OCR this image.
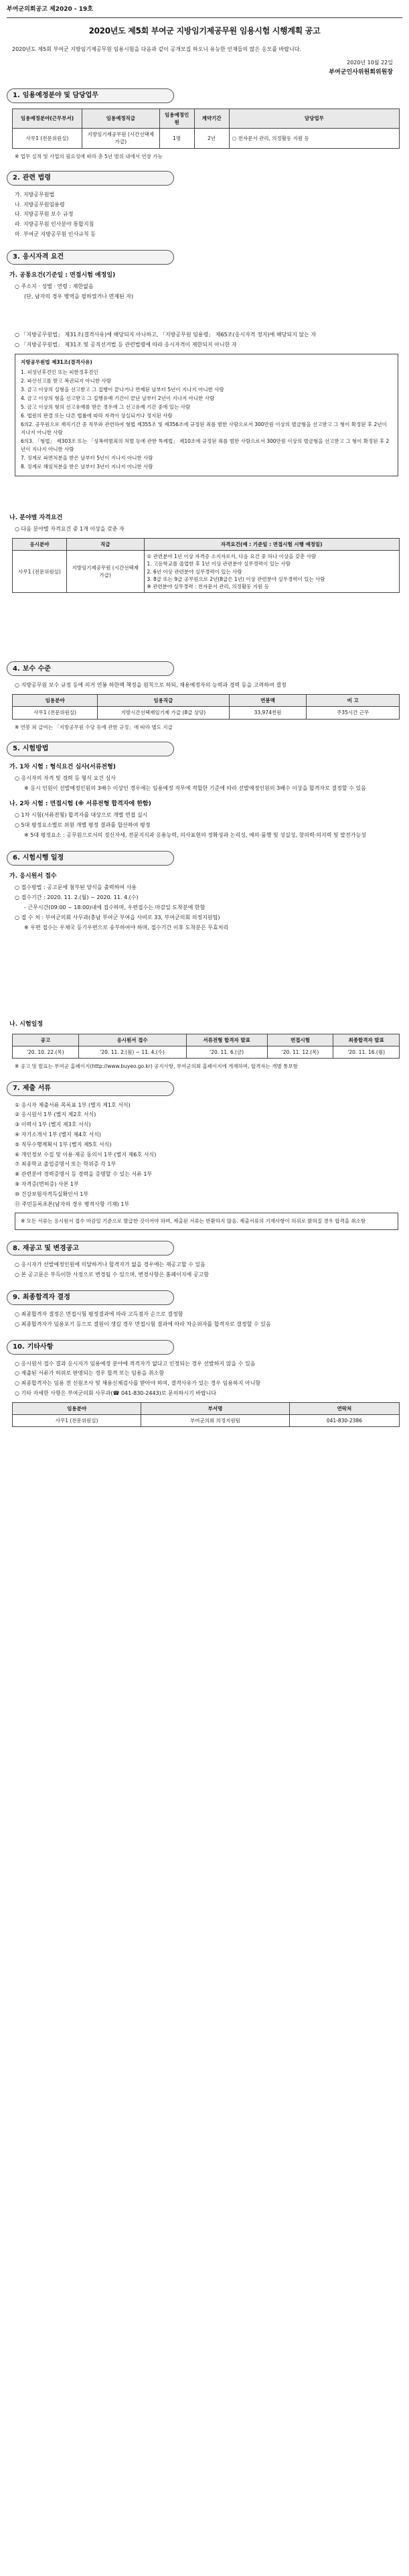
부여군의회공고 제2020 - 19호
2020년도 제5회 부여군 지방임기제공무원 임용시험 시행계획 공고
2020년도 제5회 부여군 지방임기제공무원 임용시험을 다음과 같이 공개모집 하오니 유능한 인재들의 많은 응모를 바랍니다.
2020년 10월 22일
부여군인사위원회위원장
1. 임용예정분야 및 담당업무
임용예정분야(근무부서)	임용예정직급	임용예정인원	계약기간	담당업무
사무1 (전문위원실)	지방임기제공무원 (시간선택제 가급)	1명	2년	○ 전자문서 관리, 의정활동 지원 등
※ 업무 실적 및 사업의 필요성에 따라 총 5년 범위 내에서 연장 가능
2. 관련 법령
가. 지방공무원법
나. 지방공무원임용령
다. 지방공무원 보수 규정
라. 지방공무원 인사분야 통합지침
마. 부여군 지방공무원 인사규칙 등
3. 응시자격 요건
가. 공통요건(기준일 : 면접시험 예정일)
○ 주소지 · 성별 · 연령 : 제한없음
(단, 남자의 경우 병역을 필하였거나 면제된 자)
○ 「지방공무원법」 제31조(결격사유)에 해당되지 아니하고, 「지방공무원 임용령」 제65조(응시자격 정지)에 해당되지 않는 자
○ 「지방공무원법」 제31조 및 공직선거법 등 관련법령에 따라 응시자격이 제한되지 아니한 자
지방공무원법 제31조(결격사유)
1. 피성년후견인 또는 피한정후견인
2. 파산선고를 받고 복권되지 아니한 사람
3. 금고 이상의 실형을 선고받고 그 집행이 끝나거나 면제된 날부터 5년이 지나지 아니한 사람
4. 금고 이상의 형을 선고받고 그 집행유예 기간이 끝난 날부터 2년이 지나지 아니한 사람
5. 금고 이상의 형의 선고유예를 받은 경우에 그 선고유예 기간 중에 있는 사람
6. 법원의 판결 또는 다른 법률에 따라 자격이 상실되거나 정지된 사람
6의2. 공무원으로 재직기간 중 직무와 관련하여 형법 제355조 및 제356조에 규정된 죄를 범한 사람으로서 300만원 이상의 벌금형을 선고받고 그 형이 확정된 후 2년이 지나지 아니한 사람
6의3. 「형법」 제303조 또는 「성폭력범죄의 처벌 등에 관한 특례법」 제10조에 규정된 죄를 범한 사람으로서 300만원 이상의 벌금형을 선고받고 그 형이 확정된 후 2년이 지나지 아니한 사람
7. 징계로 파면처분을 받은 날부터 5년이 지나지 아니한 사람
8. 징계로 해임처분을 받은 날부터 3년이 지나지 아니한 사람
나. 분야별 자격요건
○ 다음 분야별 자격요건 중 1개 이상을 갖춘 자
응시분야	직급	자격요건(예 : 기준일 : 면접시험 시행 예정일)
사무1 (전문위원실)	지방임기제공무원 (시간선택제 가급)	① 관련분야 1년 이상 자격증 소지자로서, 다음 요건 중 하나 이상을 갖춘 사람
1. 고등학교를 졸업한 후 1년 이상 관련분야 실무경력이 있는 사람
2. 6년 이상 관련분야 실무경력이 있는 사람
3. 8급 또는 9급 공무원으로 2년(8급은 1년) 이상 관련분야 실무경력이 있는 사람
※ 관련분야 실무경력 : 전자문서 관리, 의정활동 지원 등
4. 보수 수준
○ 지방공무원 보수 규정 등에 의거 연봉 하한액 책정을 원칙으로 하되, 채용예정자의 능력과 경력 등을 고려하여 결정
임용분야	임용직급	연봉액	비 고
사무1 (전문위원실)	지방시간선택제임기제 가급 (8급 상당)	33,974천원	주35시간 근무
※ 연봉 외 급여는 「지방공무원 수당 등에 관한 규정」에 따라 별도 지급
5. 시험방법
가. 1차 시험 : 형식요건 심사(서류전형)
○ 응시자의 자격 및 경력 등 형식 요건 심사
※ 응시 인원이 선발예정인원의 3배수 이상인 경우에는 임용예정 직무에 적합한 기준에 따라 선발예정인원의 3배수 이상을 합격자로 결정할 수 있음
나. 2차 시험 : 면접시험 (※ 서류전형 합격자에 한함)
○ 1차 시험(서류전형) 합격자를 대상으로 개별 면접 실시
○ 5대 평정요소별로 위원 개별 평정 결과를 합산하여 평정
※ 5대 평정요소 : 공무원으로서의 정신자세, 전문지식과 응용능력, 의사표현의 정확성과 논리성, 예의·품행 및 성실성, 창의력·의지력 및 발전가능성
6. 시험시행 일정
가. 응시원서 접수
○ 접수방법 : 공고문에 첨부된 양식을 출력하여 사용
○ 접수기간 : 2020. 11. 2.(월) ~ 2020. 11. 4.(수)
- 근무시간(09:00 ~ 18:00)내에 접수하며, 우편접수는 마감일 도착분에 한함
○ 접 수 처 : 부여군의회 사무과(충남 부여군 부여읍 사비로 33, 부여군의회 의정지원팀)
※ 우편 접수는 우체국 등기우편으로 송부하여야 하며, 접수기간 이후 도착분은 무효처리
나. 시험일정
공고	응시원서 접수	서류전형 합격자 발표	면접시험	최종합격자 발표
'20. 10. 22.(목)	'20. 11. 2.(월) ~ 11. 4.(수)	'20. 11. 6.(금)	'20. 11. 12.(목)	'20. 11. 16.(월)
※ 공고 및 발표는 부여군 홈페이지(http://www.buyeo.go.kr) 공지사항, 부여군의회 홈페이지에 게재하며, 합격자는 개별 통보함
7. 제출 서류
① 응시자 제출서류 목록표 1부 (별지 제1호 서식)
② 응시원서 1부 (별지 제2호 서식)
③ 이력서 1부 (별지 제3호 서식)
④ 자기소개서 1부 (별지 제4호 서식)
⑤ 직무수행계획서 1부 (별지 제5호 서식)
⑥ 개인정보 수집 및 이용·제공 동의서 1부 (별지 제6호 서식)
⑦ 최종학교 졸업증명서 또는 학위증 각 1부
⑧ 관련분야 경력증명서 등 경력을 증명할 수 있는 서류 1부
⑨ 자격증(면허증) 사본 1부
⑩ 건강보험자격득실확인서 1부
⑪ 주민등록초본(남자의 경우 병적사항 기재) 1부
※ 모든 서류는 응시원서 접수 마감일 기준으로 발급한 것이어야 하며, 제출된 서류는 반환하지 않음. 제출서류의 기재사항이 허위로 밝혀질 경우 합격을 취소함
8. 재공고 및 변경공고
○ 응시자가 선발예정인원에 미달하거나 합격자가 없을 경우에는 재공고할 수 있음
○ 본 공고문은 부득이한 사정으로 변경될 수 있으며, 변경사항은 홈페이지에 공고함
9. 최종합격자 결정
○ 최종합격자 결정은 면접시험 평정결과에 따라 고득점자 순으로 결정함
○ 최종합격자가 임용포기 등으로 결원이 생길 경우 면접시험 결과에 따라 차순위자를 합격자로 결정할 수 있음
10. 기타사항
○ 응시원서 접수 결과 응시자가 임용예정 분야에 적격자가 없다고 인정되는 경우 선발하지 않을 수 있음
○ 제출된 서류가 허위로 판명되는 경우 합격 또는 임용을 취소함
○ 최종합격자는 임용 전 신원조사 및 채용신체검사를 받아야 하며, 결격사유가 있는 경우 임용하지 아니함
○ 기타 자세한 사항은 부여군의회 사무과(☎ 041-830-2443)로 문의하시기 바랍니다
임용분야	부서명	연락처
사무1 (전문위원실)	부여군의회 의정지원팀	041-830-2386
